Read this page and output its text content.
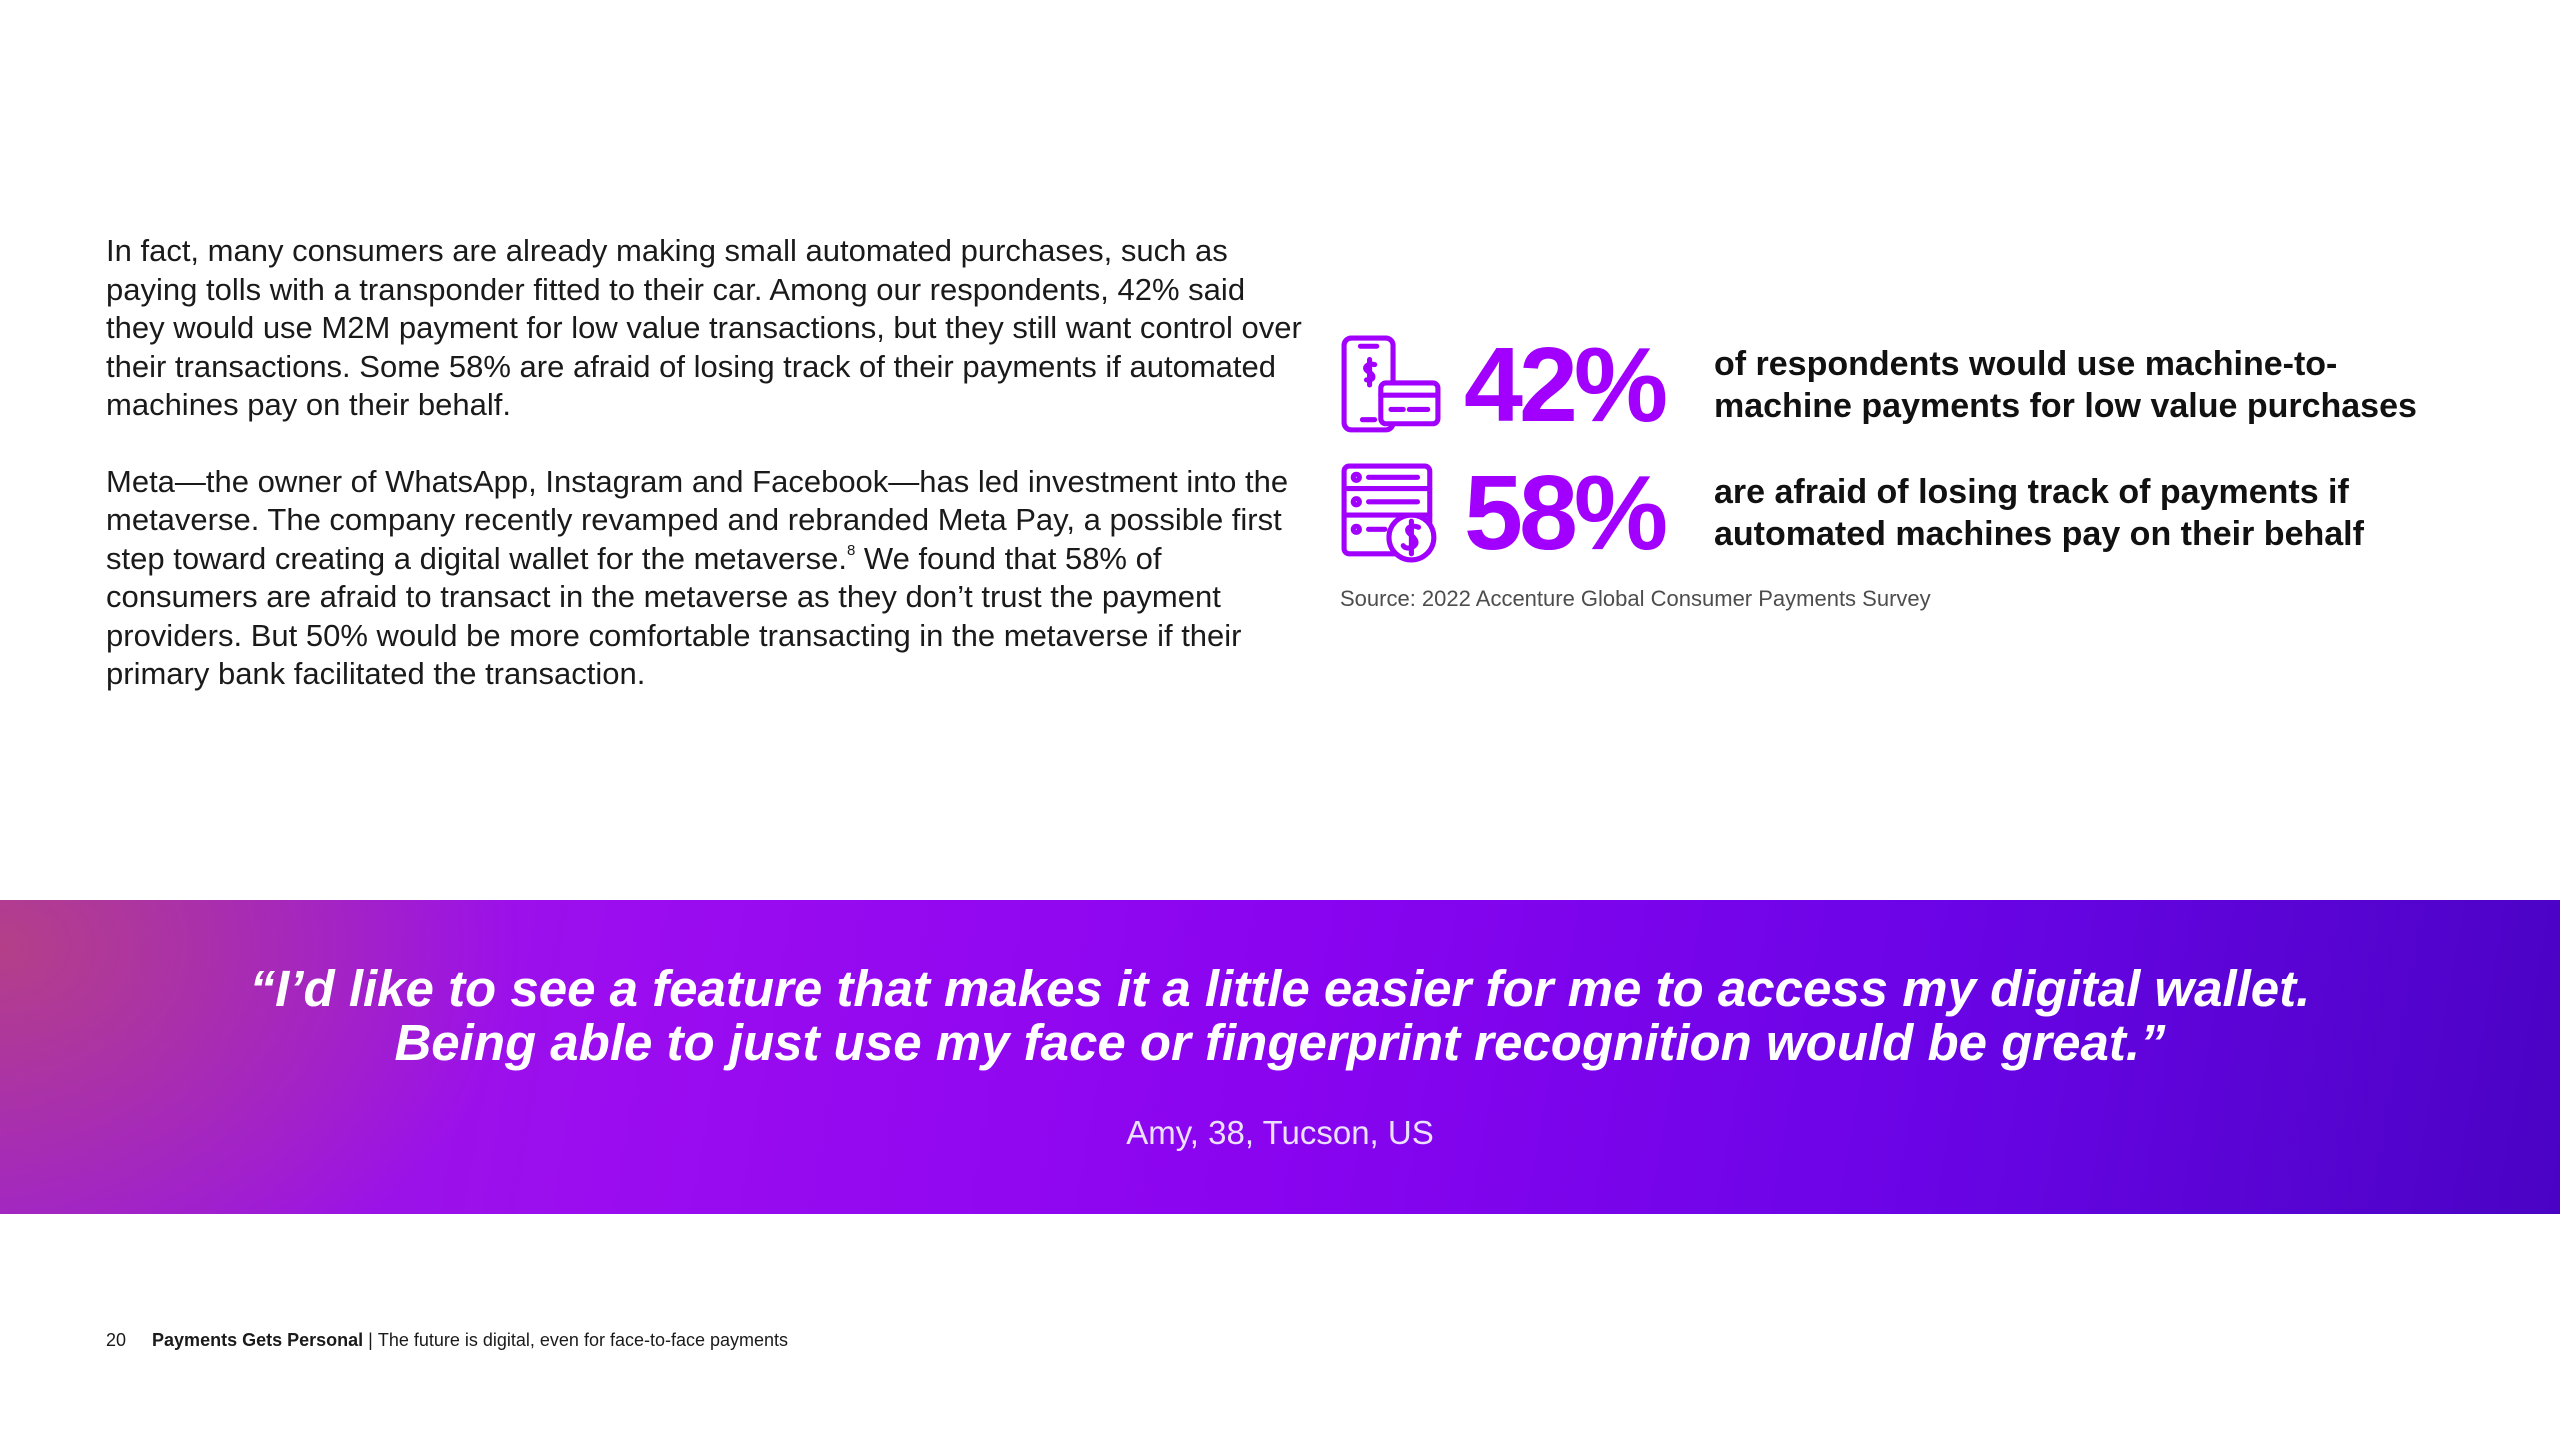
In fact, many consumers are already making small automated purchases, such as paying tolls with a transponder fitted to their car. Among our respondents, 42% said they would use M2M payment for low value transactions, but they still want control over their transactions. Some 58% are afraid of losing track of their payments if automated machines pay on their behalf.

Meta—the owner of WhatsApp, Instagram and Facebook—has led investment into the metaverse. The company recently revamped and rebranded Meta Pay, a possible first step toward creating a digital wallet for the metaverse.$^8$ We found that 58% of consumers are afraid to transact in the metaverse as they don’t trust the payment providers. But 50% would be more comfortable transacting in the metaverse if their primary bank facilitated the transaction.

42%	of respondents would use machine-to-machine payments for low value purchases
58%	are afraid of losing track of payments if automated machines pay on their behalf
Source: 2022 Accenture Global Consumer Payments Survey
“I’d like to see a feature that makes it a little easier for me to access my digital wallet.
Being able to just use my face or fingerprint recognition would be great.”
Amy, 38, Tucson, US
20 Payments Gets Personal | The future is digital, even for face-to-face payments
